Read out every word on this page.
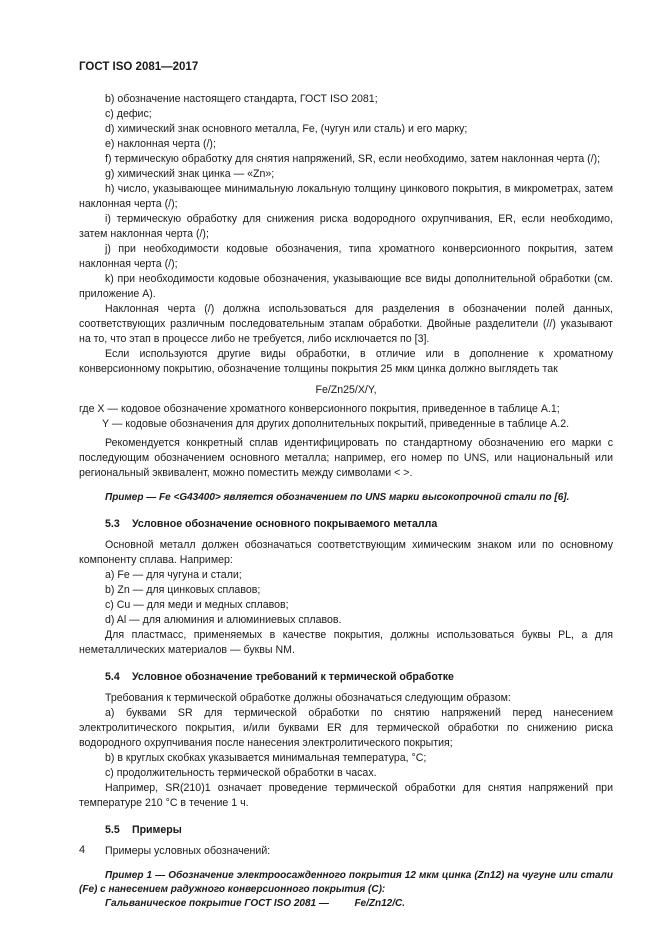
ГОСТ ISO 2081—2017

b) обозначение настоящего стандарта, ГОСТ ISO 2081;

c) дефис;

d) химический знак основного металла, Fe, (чугун или сталь) и его марку;

e) наклонная черта (/);

f) термическую обработку для снятия напряжений, SR, если необходимо, затем наклонная черта (/);

g) химический знак цинка — «Zn»;

h) число, указывающее минимальную локальную толщину цинкового покрытия, в микрометрах, затем наклонная черта (/);

i) термическую обработку для снижения риска водородного охрупчивания, ER, если необходимо, затем наклонная черта (/);

j) при необходимости кодовые обозначения, типа хроматного конверсионного покрытия, затем наклонная черта (/);

k) при необходимости кодовые обозначения, указывающие все виды дополнительной обработки (см. приложение А).

Наклонная черта (/) должна использоваться для разделения в обозначении полей данных, соответствующих различным последовательным этапам обработки. Двойные разделители (//) указывают на то, что этап в процессе либо не требуется, либо исключается по [3].

Если используются другие виды обработки, в отличие или в дополнение к хроматному конверсионному покрытию, обозначение толщины покрытия 25 мкм цинка должно выглядеть так

Fe/Zn25/X/Y,

где X — кодовое обозначение хроматного конверсионного покрытия, приведенное в таблице А.1;

Y — кодовые обозначения для других дополнительных покрытий, приведенные в таблице А.2.

Рекомендуется конкретный сплав идентифицировать по стандартному обозначению его марки с последующим обозначением основного металла; например, его номер по UNS, или национальный или региональный эквивалент, можно поместить между символами < >.

Пример — Fe <G43400> является обозначением по UNS марки высокопрочной стали по [6].

5.3 Условное обозначение основного покрываемого металла

Основной металл должен обозначаться соответствующим химическим знаком или по основному компоненту сплава. Например:

а) Fe — для чугуна и стали;

b) Zn — для цинковых сплавов;

c) Cu — для меди и медных сплавов;

d) Al — для алюминия и алюминиевых сплавов.

Для пластмасс, применяемых в качестве покрытия, должны использоваться буквы PL, а для неметаллических материалов — буквы NM.

5.4 Условное обозначение требований к термической обработке

Требования к термической обработке должны обозначаться следующим образом:

а) буквами SR для термической обработки по снятию напряжений перед нанесением электролитического покрытия, и/или буквами ER для термической обработки по снижению риска водородного охрупчивания после нанесения электролитического покрытия;

b) в круглых скобках указывается минимальная температура, °C;

c) продолжительность термической обработки в часах.

Например, SR(210)1 означает проведение термической обработки для снятия напряжений при температуре 210 °C в течение 1 ч.

5.5 Примеры

Примеры условных обозначений:

Пример 1 — Обозначение электроосажденного покрытия 12 мкм цинка (Zn12) на чугуне или стали (Fe) с нанесением радужного конверсионного покрытия (С):

Гальваническое покрытие ГОСТ ISO 2081 —	Fe/Zn12/C.

4
